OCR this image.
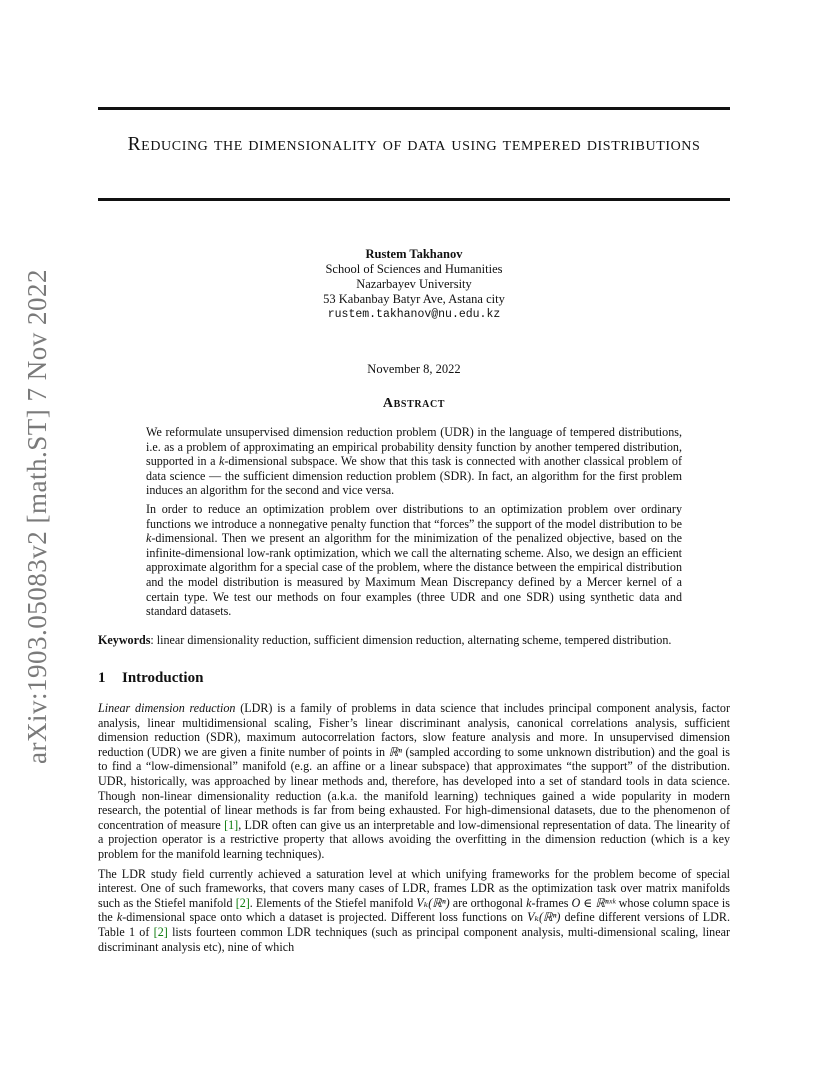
arXiv:1903.05083v2 [math.ST] 7 Nov 2022
Reducing the dimensionality of data using tempered distributions
Rustem Takhanov
School of Sciences and Humanities
Nazarbayev University
53 Kabanbay Batyr Ave, Astana city
rustem.takhanov@nu.edu.kz
November 8, 2022
Abstract

We reformulate unsupervised dimension reduction problem (UDR) in the language of tempered distributions, i.e. as a problem of approximating an empirical probability density function by another tempered distribution, supported in a k-dimensional subspace. We show that this task is connected with another classical problem of data science — the sufficient dimension reduction problem (SDR). In fact, an algorithm for the first problem induces an algorithm for the second and vice versa.

In order to reduce an optimization problem over distributions to an optimization problem over ordinary functions we introduce a nonnegative penalty function that “forces” the support of the model distribution to be k-dimensional. Then we present an algorithm for the minimization of the penalized objective, based on the infinite-dimensional low-rank optimization, which we call the alternating scheme. Also, we design an efficient approximate algorithm for a special case of the problem, where the distance between the empirical distribution and the model distribution is measured by Maximum Mean Discrepancy defined by a Mercer kernel of a certain type. We test our methods on four examples (three UDR and one SDR) using synthetic data and standard datasets.

Keywords: linear dimensionality reduction, sufficient dimension reduction, alternating scheme, tempered distribution.
1 Introduction

Linear dimension reduction (LDR) is a family of problems in data science that includes principal component analysis, factor analysis, linear multidimensional scaling, Fisher’s linear discriminant analysis, canonical correlations analysis, sufficient dimension reduction (SDR), maximum autocorrelation factors, slow feature analysis and more. In unsupervised dimension reduction (UDR) we are given a finite number of points in ℝⁿ (sampled according to some unknown distribution) and the goal is to find a “low-dimensional” manifold (e.g. an affine or a linear subspace) that approximates “the support” of the distribution. UDR, historically, was approached by linear methods and, therefore, has developed into a set of standard tools in data science. Though non-linear dimensionality reduction (a.k.a. the manifold learning) techniques gained a wide popularity in modern research, the potential of linear methods is far from being exhausted. For high-dimensional datasets, due to the phenomenon of concentration of measure [1], LDR often can give us an interpretable and low-dimensional representation of data. The linearity of a projection operator is a restrictive property that allows avoiding the overfitting in the dimension reduction (which is a key problem for the manifold learning techniques).

The LDR study field currently achieved a saturation level at which unifying frameworks for the problem become of special interest. One of such frameworks, that covers many cases of LDR, frames LDR as the optimization task over matrix manifolds such as the Stiefel manifold [2]. Elements of the Stiefel manifold Vₖ(ℝⁿ) are orthogonal k-frames O ∈ ℝⁿˣᵏ whose column space is the k-dimensional space onto which a dataset is projected. Different loss functions on Vₖ(ℝⁿ) define different versions of LDR. Table 1 of [2] lists fourteen common LDR techniques (such as principal component analysis, multi-dimensional scaling, linear discriminant analysis etc), nine of which
